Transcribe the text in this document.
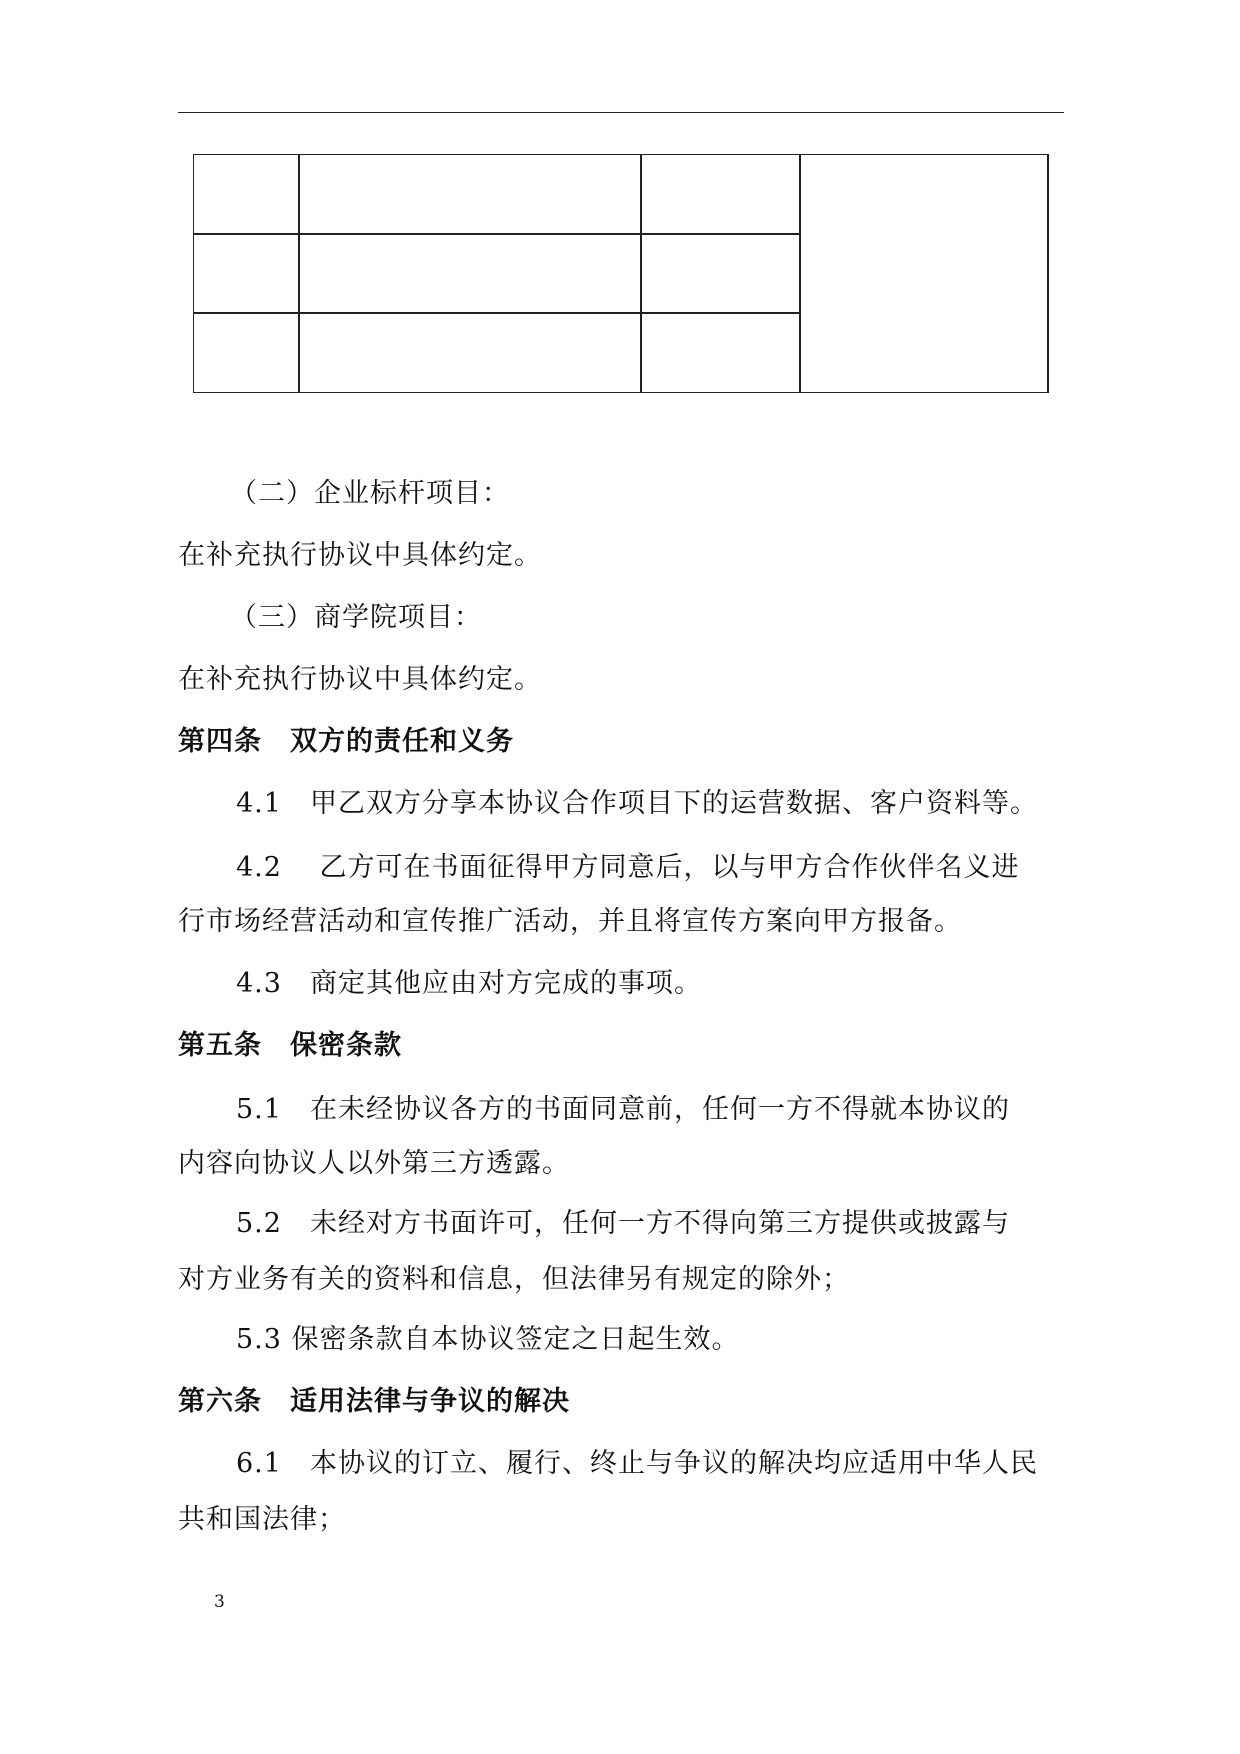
（二）企业标杆项目：
在补充执行协议中具体约定。
（三）商学院项目：
在补充执行协议中具体约定。
第四条　双方的责任和义务
4.1　甲乙双方分享本协议合作项目下的运营数据、客户资料等。
4.2　 乙方可在书面征得甲方同意后，以与甲方合作伙伴名义进
行市场经营活动和宣传推广活动，并且将宣传方案向甲方报备。
4.3　商定其他应由对方完成的事项。
第五条　保密条款
5.1　在未经协议各方的书面同意前，任何一方不得就本协议的
内容向协议人以外第三方透露。
5.2　未经对方书面许可，任何一方不得向第三方提供或披露与
对方业务有关的资料和信息，但法律另有规定的除外；
5.3 保密条款自本协议签定之日起生效。
第六条　适用法律与争议的解决
6.1　本协议的订立、履行、终止与争议的解决均应适用中华人民
共和国法律；
3
